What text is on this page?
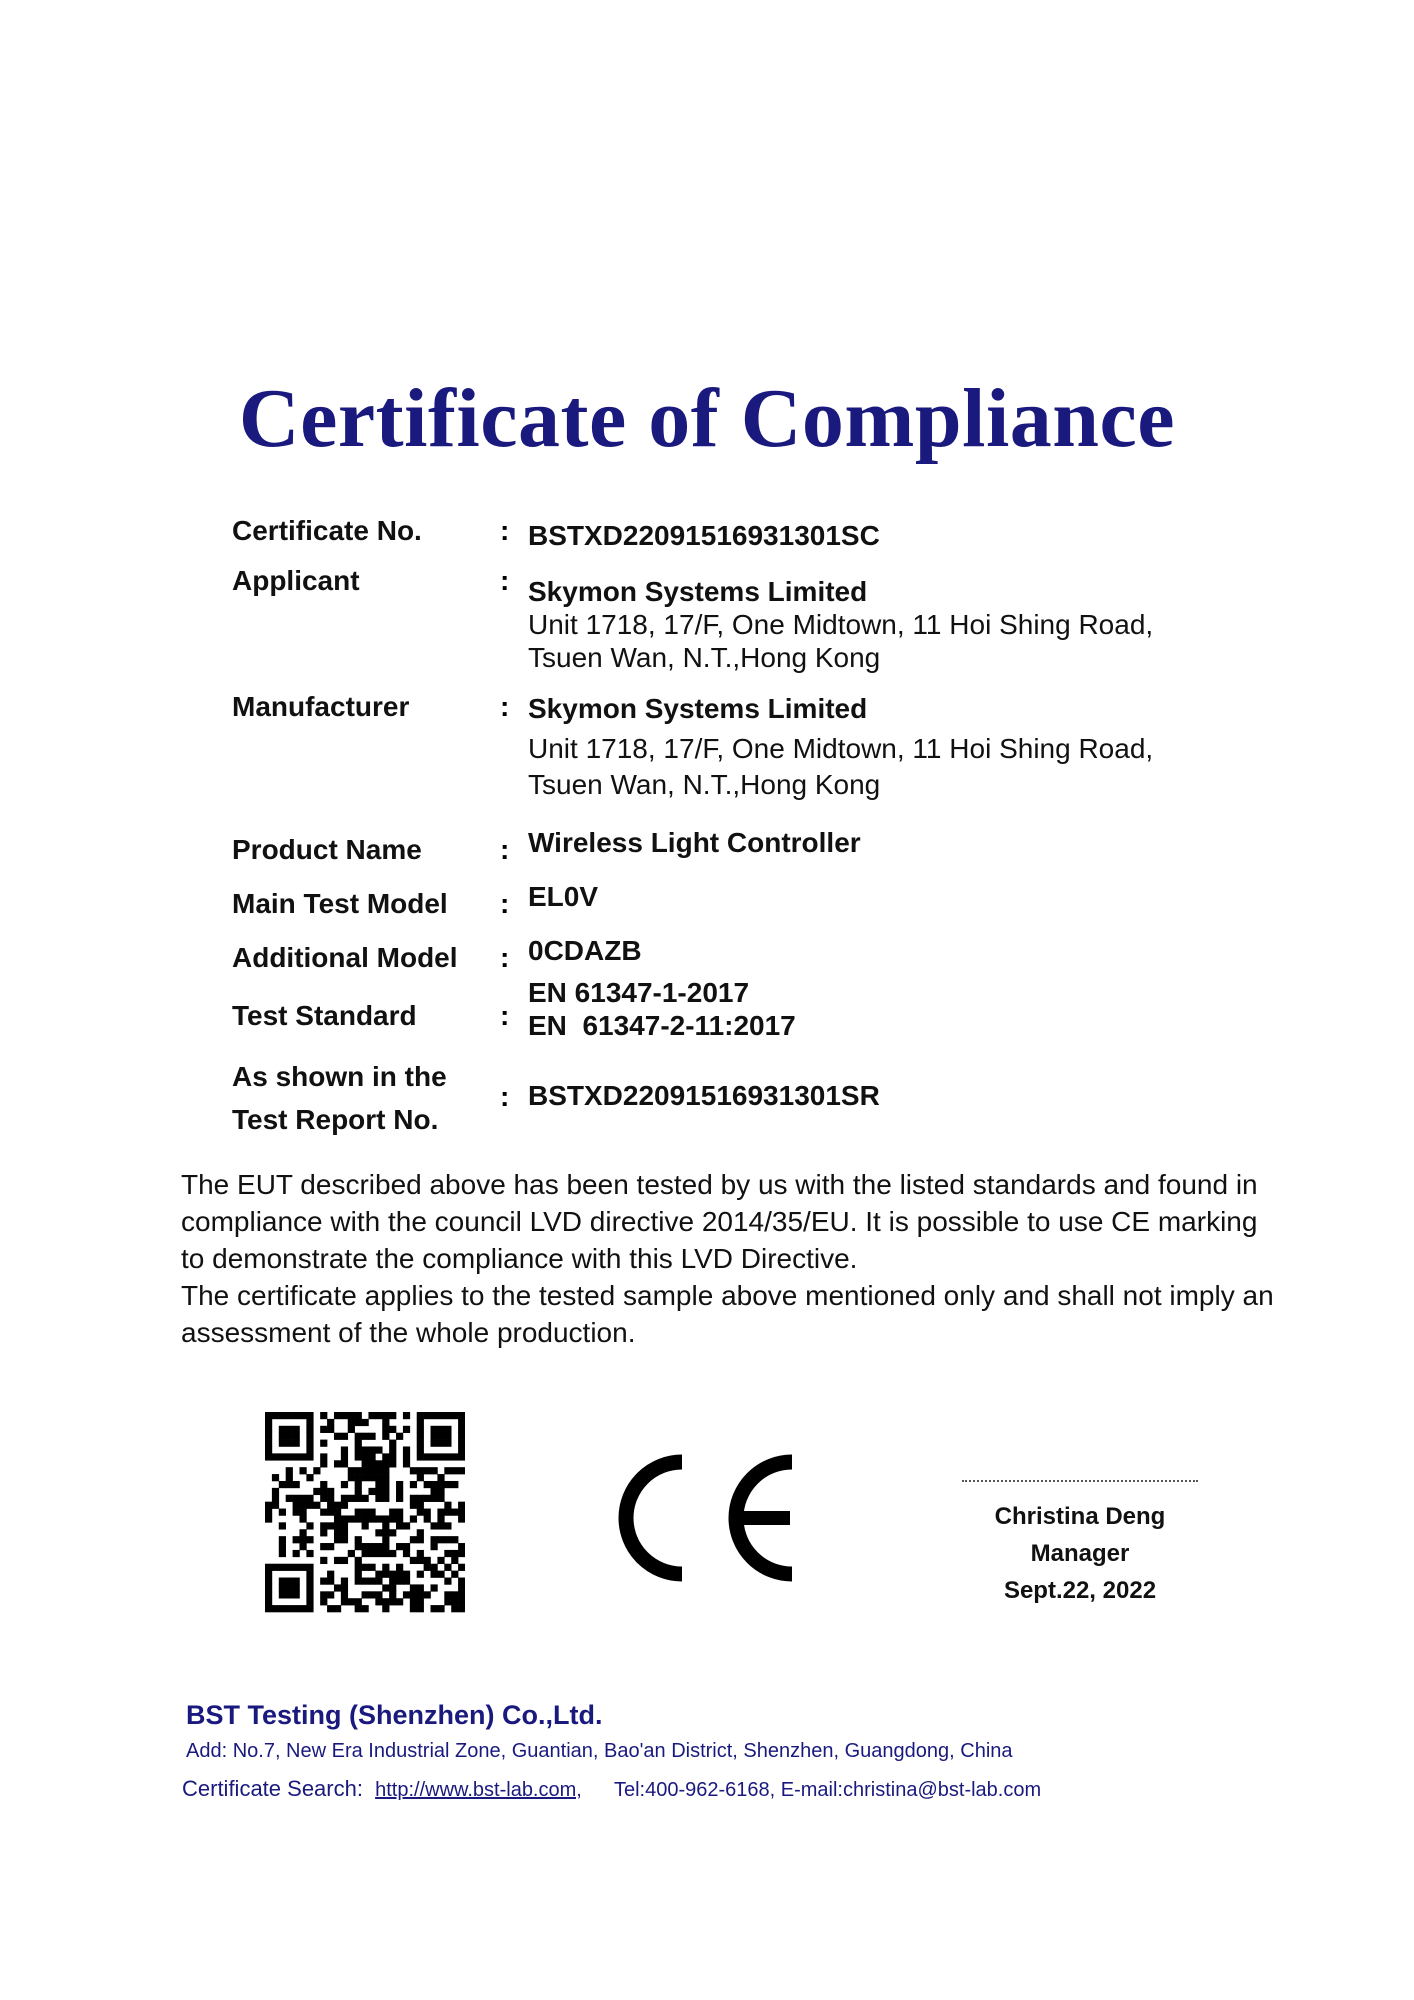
Certificate of Compliance
Certificate No.	: BSTXD22091516931301SC
Applicant	: Skymon Systems Limited
Unit 1718, 17/F, One Midtown, 11 Hoi Shing Road,
Tsuen Wan, N.T.,Hong Kong
Manufacturer	: Skymon Systems Limited
Unit 1718, 17/F, One Midtown, 11 Hoi Shing Road,
Tsuen Wan, N.T.,Hong Kong
Product Name	: Wireless Light Controller
Main Test Model : EL0V
Additional Model : 0CDAZB
Test Standard	:
EN 61347-1-2017
EN  61347-2-11:2017
As shown in the
Test Report No.
: BSTXD22091516931301SR

The EUT described above has been tested by us with the listed standards and found in compliance with the council LVD directive 2014/35/EU. It is possible to use CE marking to demonstrate the compliance with this LVD Directive.

The certificate applies to the tested sample above mentioned only and shall not imply an assessment of the whole production.

Christina Deng
Manager
Sept.22, 2022
BST Testing (Shenzhen) Co.,Ltd.
Add: No.7, New Era Industrial Zone, Guantian, Bao'an District, Shenzhen, Guangdong, China
Certificate Search: http://www.bst-lab.com, Tel:400-962-6168, E-mail:christina@bst-lab.com
